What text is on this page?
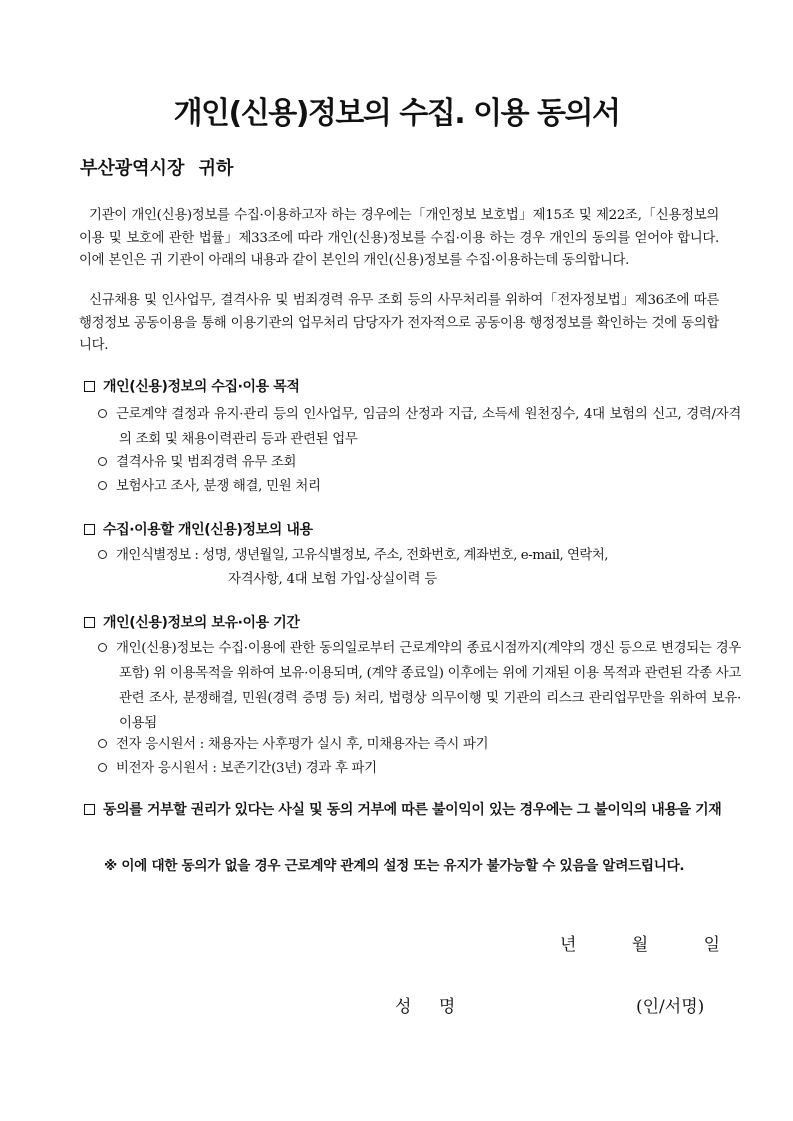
개인(신용)정보의 수집. 이용 동의서
부산광역시장 귀하
기관이 개인(신용)정보를 수집·이용하고자 하는 경우에는「개인정보 보호법」제15조 및 제22조,「신용정보의 이용 및 보호에 관한 법률」제33조에 따라 개인(신용)정보를 수집·이용 하는 경우 개인의 동의를 얻어야 합니다. 이에 본인은 귀 기관이 아래의 내용과 같이 본인의 개인(신용)정보를 수집·이용하는데 동의합니다.
신규채용 및 인사업무, 결격사유 및 범죄경력 유무 조회 등의 사무처리를 위하여「전자정보법」제36조에 따른 행정정보 공동이용을 통해 이용기관의 업무처리 담당자가 전자적으로 공동이용 행정정보를 확인하는 것에 동의합니다.
개인(신용)정보의 수집·이용 목적
근로계약 결정과 유지·관리 등의 인사업무, 임금의 산정과 지급, 소득세 원천징수, 4대 보험의 신고, 경력/자격의 조회 및 채용이력관리 등과 관련된 업무
결격사유 및 범죄경력 유무 조회
보험사고 조사, 분쟁 해결, 민원 처리
수집·이용할 개인(신용)정보의 내용
개인식별정보 : 성명, 생년월일, 고유식별정보, 주소, 전화번호, 계좌번호, e-mail, 연락처,
자격사항, 4대 보험 가입·상실이력 등
개인(신용)정보의 보유·이용 기간
개인(신용)정보는 수집·이용에 관한 동의일로부터 근로계약의 종료시점까지(계약의 갱신 등으로 변경되는 경우 포함) 위 이용목적을 위하여 보유·이용되며, (계약 종료일) 이후에는 위에 기재된 이용 목적과 관련된 각종 사고관련 조사, 분쟁해결, 민원(경력 증명 등) 처리, 법령상 의무이행 및 기관의 리스크 관리업무만을 위하여 보유·이용됨
전자 응시원서 : 채용자는 사후평가 실시 후, 미채용자는 즉시 파기
비전자 응시원서 : 보존기간(3년) 경과 후 파기
동의를 거부할 권리가 있다는 사실 및 동의 거부에 따른 불이익이 있는 경우에는 그 불이익의 내용을 기재
※ 이에 대한 동의가 없을 경우 근로계약 관계의 설정 또는 유지가 불가능할 수 있음을 알려드립니다.
년	월	일
성 명	(인/서명)
